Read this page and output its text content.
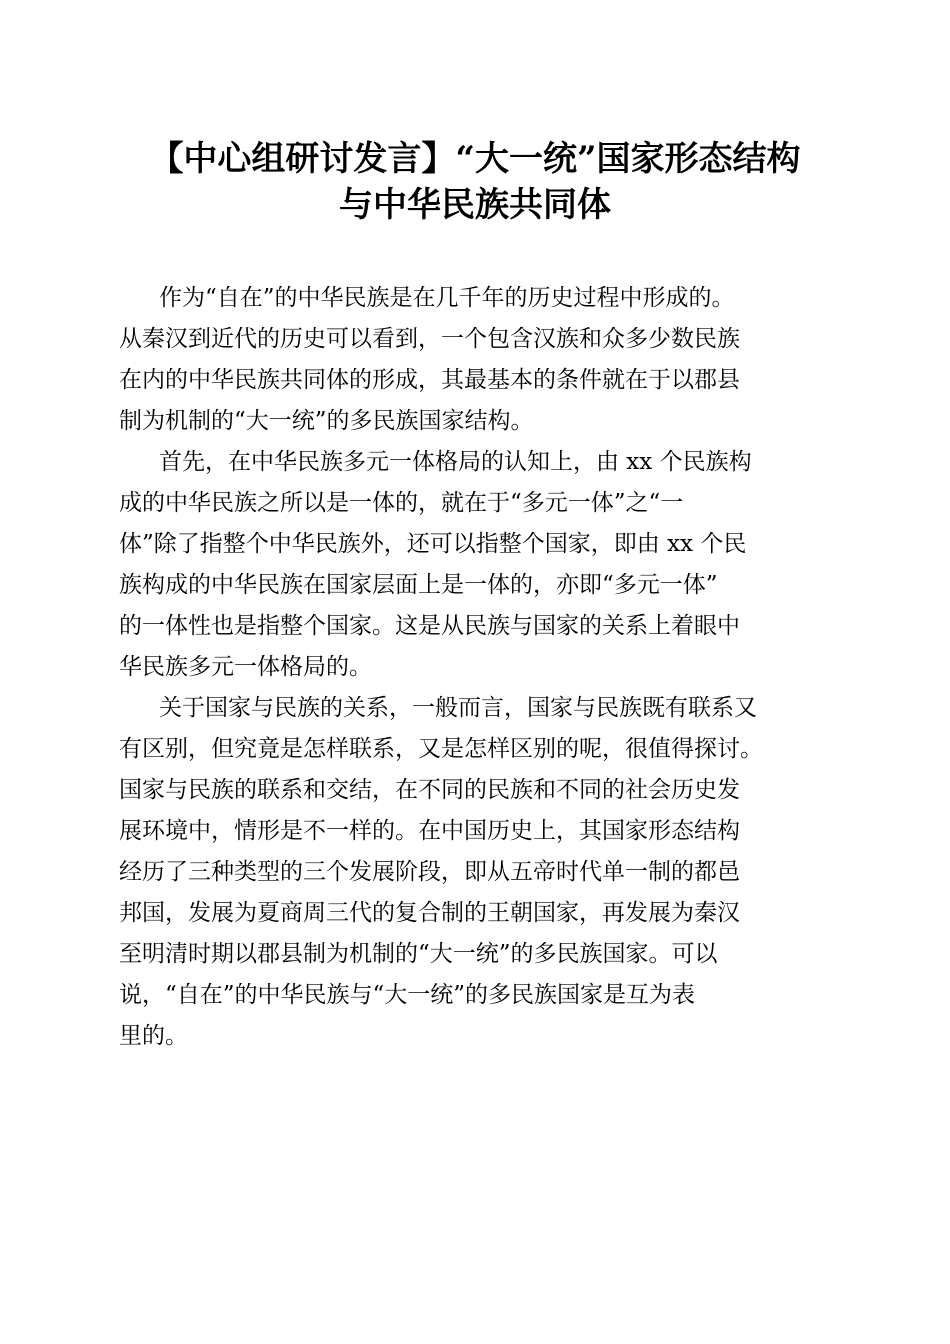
【中心组研讨发言】“大一统”国家形态结构
与中华民族共同体
作为“自在”的中华民族是在几千年的历史过程中形成的。
从秦汉到近代的历史可以看到，一个包含汉族和众多少数民族
在内的中华民族共同体的形成，其最基本的条件就在于以郡县
制为机制的“大一统”的多民族国家结构。
首先，在中华民族多元一体格局的认知上，由 xx 个民族构
成的中华民族之所以是一体的，就在于“多元一体”之“一
体”除了指整个中华民族外，还可以指整个国家，即由 xx 个民
族构成的中华民族在国家层面上是一体的，亦即“多元一体”
的一体性也是指整个国家。这是从民族与国家的关系上着眼中
华民族多元一体格局的。
关于国家与民族的关系，一般而言，国家与民族既有联系又
有区别，但究竟是怎样联系，又是怎样区别的呢，很值得探讨。
国家与民族的联系和交结，在不同的民族和不同的社会历史发
展环境中，情形是不一样的。在中国历史上，其国家形态结构
经历了三种类型的三个发展阶段，即从五帝时代单一制的都邑
邦国，发展为夏商周三代的复合制的王朝国家，再发展为秦汉
至明清时期以郡县制为机制的“大一统”的多民族国家。可以
说，“自在”的中华民族与“大一统”的多民族国家是互为表
里的。
